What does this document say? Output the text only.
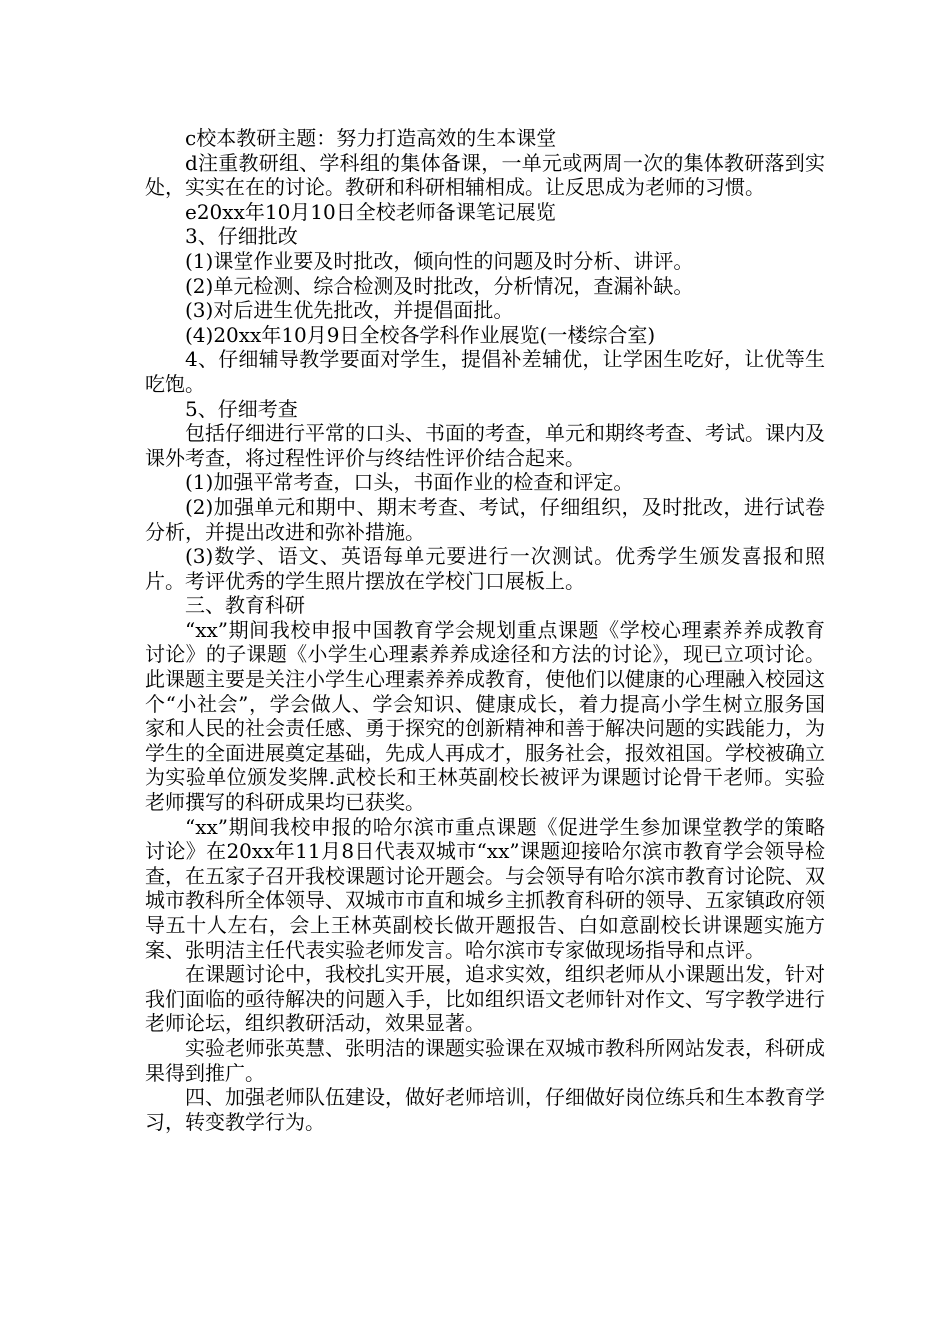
c校本教研主题：努力打造高效的生本课堂

d注重教研组、学科组的集体备课，一单元或两周一次的集体教研落到实处，实实在在的讨论。教研和科研相辅相成。让反思成为老师的习惯。

e20xx年10月10日全校老师备课笔记展览

3、仔细批改

(1)课堂作业要及时批改，倾向性的问题及时分析、讲评。

(2)单元检测、综合检测及时批改，分析情况，查漏补缺。

(3)对后进生优先批改，并提倡面批。

(4)20xx年10月9日全校各学科作业展览(一楼综合室)

4、仔细辅导教学要面对学生，提倡补差辅优，让学困生吃好，让优等生吃饱。

5、仔细考查

包括仔细进行平常的口头、书面的考查，单元和期终考查、考试。课内及课外考查，将过程性评价与终结性评价结合起来。

(1)加强平常考查，口头，书面作业的检查和评定。

(2)加强单元和期中、期末考查、考试，仔细组织，及时批改，进行试卷分析，并提出改进和弥补措施。

(3)数学、语文、英语每单元要进行一次测试。优秀学生颁发喜报和照片。考评优秀的学生照片摆放在学校门口展板上。

三、教育科研

“xx”期间我校申报中国教育学会规划重点课题《学校心理素养养成教育讨论》的子课题《小学生心理素养养成途径和方法的讨论》，现已立项讨论。此课题主要是关注小学生心理素养养成教育，使他们以健康的心理融入校园这个“小社会”，学会做人、学会知识、健康成长，着力提高小学生树立服务国家和人民的社会责任感、勇于探究的创新精神和善于解决问题的实践能力，为学生的全面进展奠定基础，先成人再成才，服务社会，报效祖国。学校被确立为实验单位颁发奖牌.武校长和王林英副校长被评为课题讨论骨干老师。实验老师撰写的科研成果均已获奖。

“xx”期间我校申报的哈尔滨市重点课题《促进学生参加课堂教学的策略讨论》在20xx年11月8日代表双城市“xx”课题迎接哈尔滨市教育学会领导检查，在五家子召开我校课题讨论开题会。与会领导有哈尔滨市教育讨论院、双城市教科所全体领导、双城市市直和城乡主抓教育科研的领导、五家镇政府领导五十人左右，会上王林英副校长做开题报告、白如意副校长讲课题实施方案、张明洁主任代表实验老师发言。哈尔滨市专家做现场指导和点评。

在课题讨论中，我校扎实开展，追求实效，组织老师从小课题出发，针对我们面临的亟待解决的问题入手，比如组织语文老师针对作文、写字教学进行老师论坛，组织教研活动，效果显著。

实验老师张英慧、张明洁的课题实验课在双城市教科所网站发表，科研成果得到推广。

四、加强老师队伍建设，做好老师培训，仔细做好岗位练兵和生本教育学习，转变教学行为。
